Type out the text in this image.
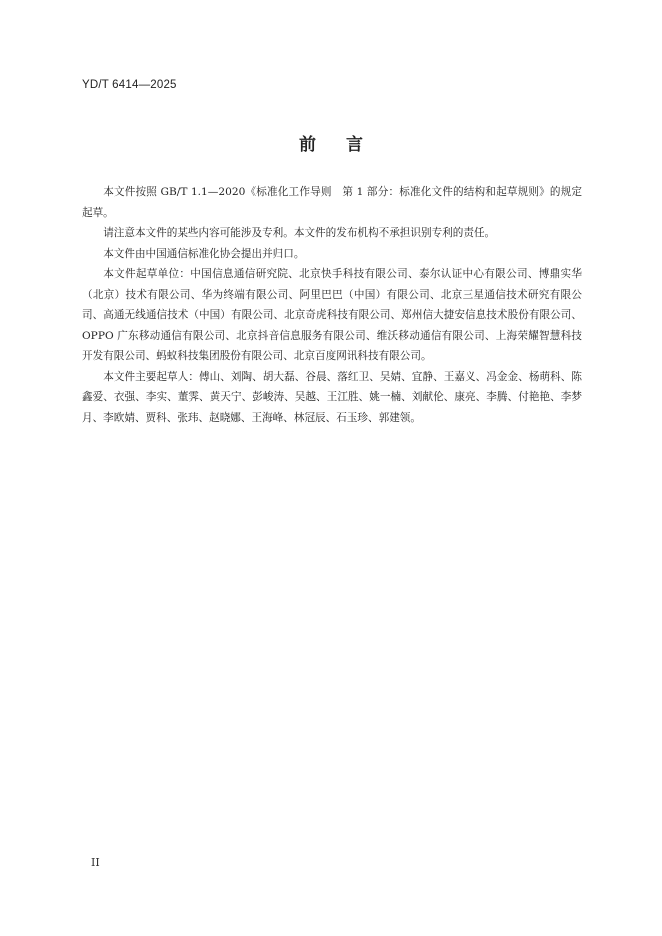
YD/T 6414—2025
前 言

本文件按照 GB/T 1.1—2020《标准化工作导则　第 1 部分：标准化文件的结构和起草规则》的规定起草。

请注意本文件的某些内容可能涉及专利。本文件的发布机构不承担识别专利的责任。

本文件由中国通信标准化协会提出并归口。

本文件起草单位：中国信息通信研究院、北京快手科技有限公司、泰尔认证中心有限公司、博鼎实华（北京）技术有限公司、华为终端有限公司、阿里巴巴（中国）有限公司、北京三星通信技术研究有限公司、高通无线通信技术（中国）有限公司、北京奇虎科技有限公司、郑州信大捷安信息技术股份有限公司、OPPO 广东移动通信有限公司、北京抖音信息服务有限公司、维沃移动通信有限公司、上海荣耀智慧科技开发有限公司、蚂蚁科技集团股份有限公司、北京百度网讯科技有限公司。

本文件主要起草人：傅山、刘陶、胡大磊、谷晨、落红卫、吴婧、宜静、王嘉义、冯金金、杨萌科、陈鑫爱、衣强、李实、董霁、黄天宁、彭峻涛、吴越、王江胜、姚一楠、刘献伦、康亮、李腾、付艳艳、李梦月、李欧婧、贾科、张玮、赵晓娜、王海峰、林冠辰、石玉珍、郭建领。

II
